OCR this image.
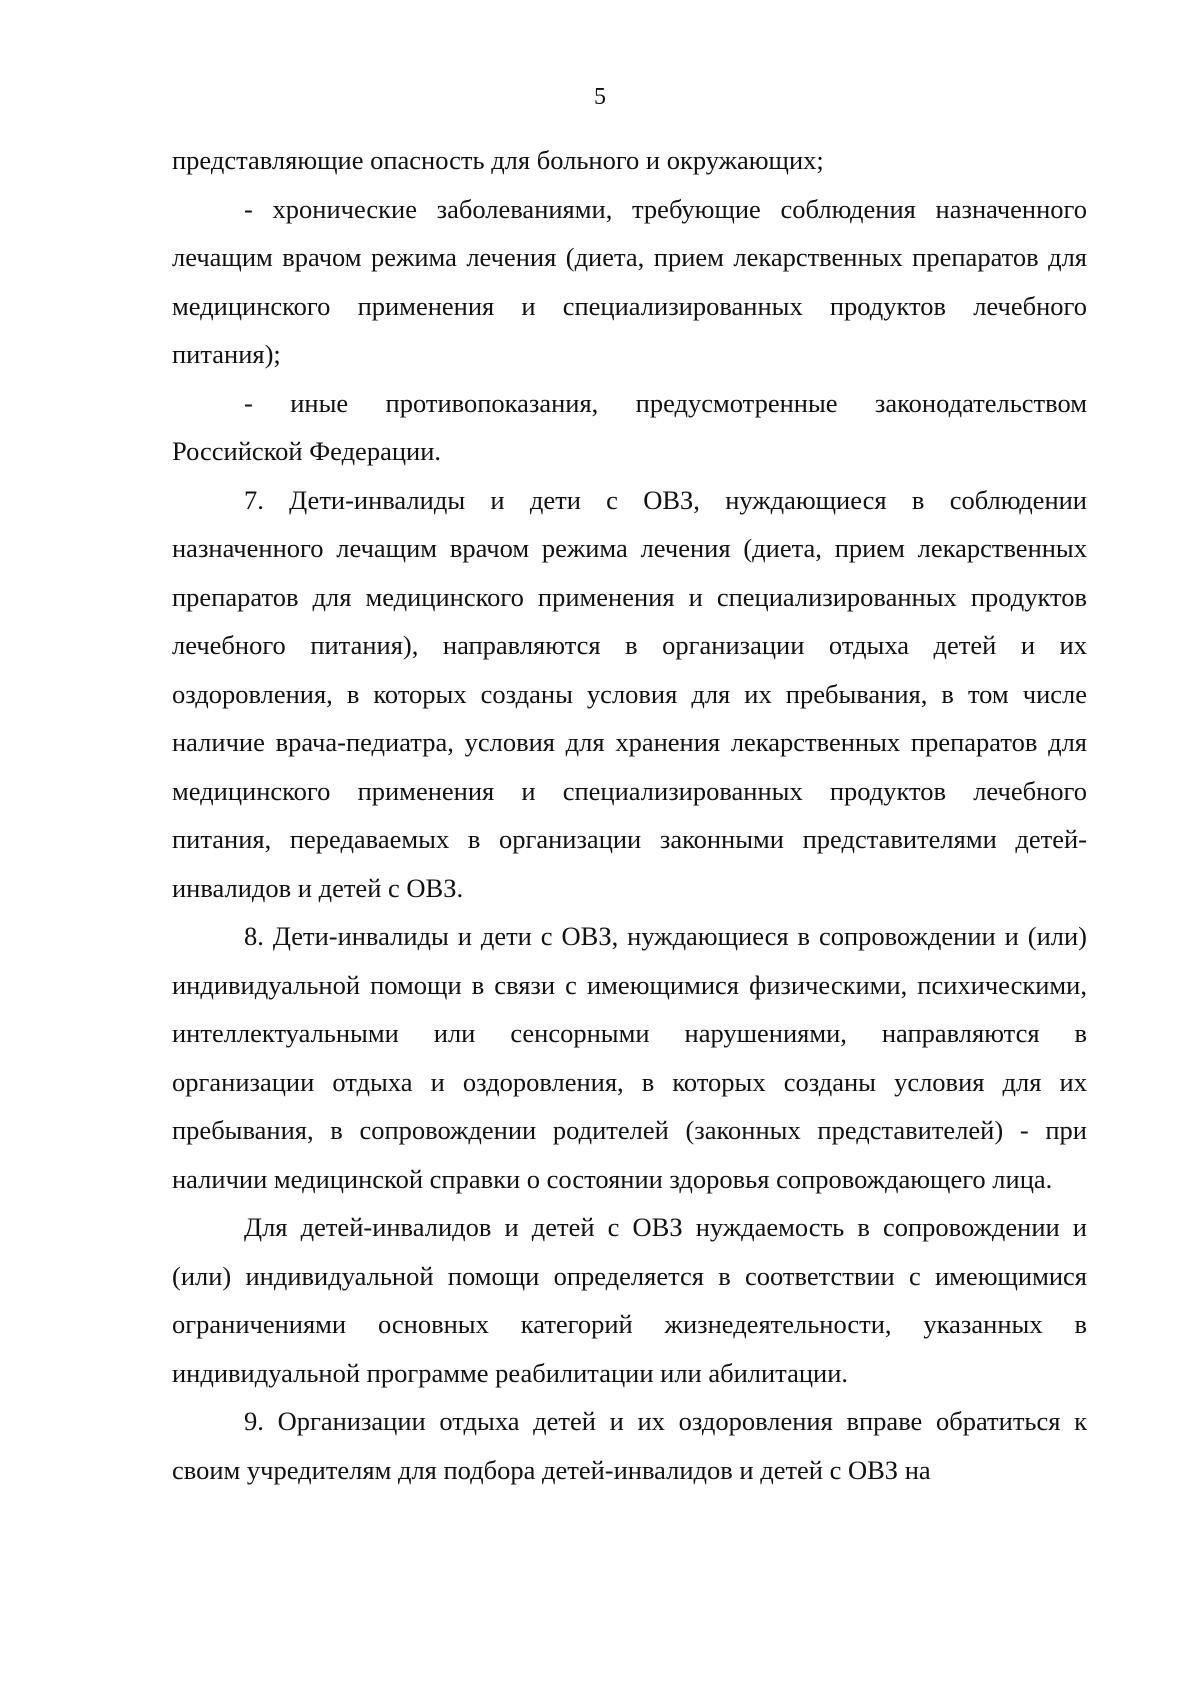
5

представляющие опасность для больного и окружающих;

- хронические заболеваниями, требующие соблюдения назначенного лечащим врачом режима лечения (диета, прием лекарственных препаратов для медицинского применения и специализированных продуктов лечебного питания);

- иные противопоказания, предусмотренные законодательством Российской Федерации.

7. Дети-инвалиды и дети с ОВЗ, нуждающиеся в соблюдении назначенного лечащим врачом режима лечения (диета, прием лекарственных препаратов для медицинского применения и специализированных продуктов лечебного питания), направляются в организации отдыха детей и их оздоровления, в которых созданы условия для их пребывания, в том числе наличие врача-педиатра, условия для хранения лекарственных препаратов для медицинского применения и специализированных продуктов лечебного питания, передаваемых в организации законными представителями детей-инвалидов и детей с ОВЗ.

8. Дети-инвалиды и дети с ОВЗ, нуждающиеся в сопровождении и (или) индивидуальной помощи в связи с имеющимися физическими, психическими, интеллектуальными или сенсорными нарушениями, направляются в организации отдыха и оздоровления, в которых созданы условия для их пребывания, в сопровождении родителей (законных представителей) - при наличии медицинской справки о состоянии здоровья сопровождающего лица.

Для детей-инвалидов и детей с ОВЗ нуждаемость в сопровождении и (или) индивидуальной помощи определяется в соответствии с имеющимися ограничениями основных категорий жизнедеятельности, указанных в индивидуальной программе реабилитации или абилитации.

9. Организации отдыха детей и их оздоровления вправе обратиться к своим учредителям для подбора детей-инвалидов и детей с ОВЗ на
